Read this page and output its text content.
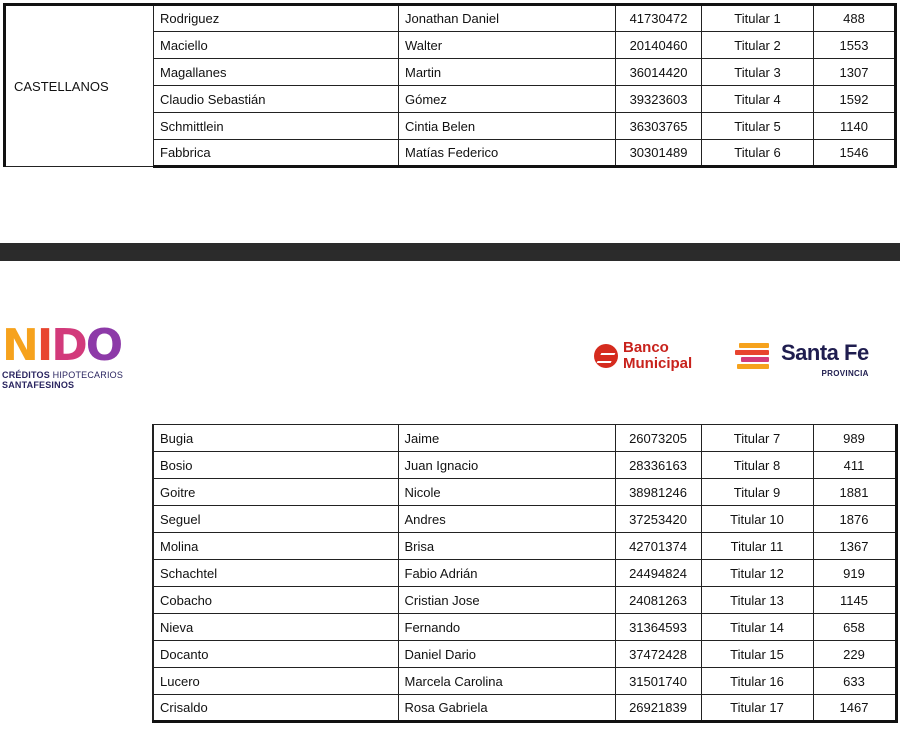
CASTELLANOS	Rodriguez	Jonathan Daniel	41730472	Titular 1	488
	Maciello	Walter	20140460	Titular 2	1553
	Magallanes	Martin	36014420	Titular 3	1307
	Claudio Sebastián	Gómez	39323603	Titular 4	1592
	Schmittlein	Cintia Belen	36303765	Titular 5	1140
	Fabbrica	Matías Federico	30301489	Titular 6	1546
NIDO
CRÉDITOS HIPOTECARIOS
SANTAFESINOS
Banco
Municipal	Santa Fe
PROVINCIA
Bugia	Jaime	26073205	Titular 7	989
Bosio	Juan Ignacio	28336163	Titular 8	411
Goitre	Nicole	38981246	Titular 9	1881
Seguel	Andres	37253420	Titular 10	1876
Molina	Brisa	42701374	Titular 11	1367
Schachtel	Fabio Adrián	24494824	Titular 12	919
Cobacho	Cristian Jose	24081263	Titular 13	1145
Nieva	Fernando	31364593	Titular 14	658
Docanto	Daniel Dario	37472428	Titular 15	229
Lucero	Marcela Carolina	31501740	Titular 16	633
Crisaldo	Rosa Gabriela	26921839	Titular 17	1467
